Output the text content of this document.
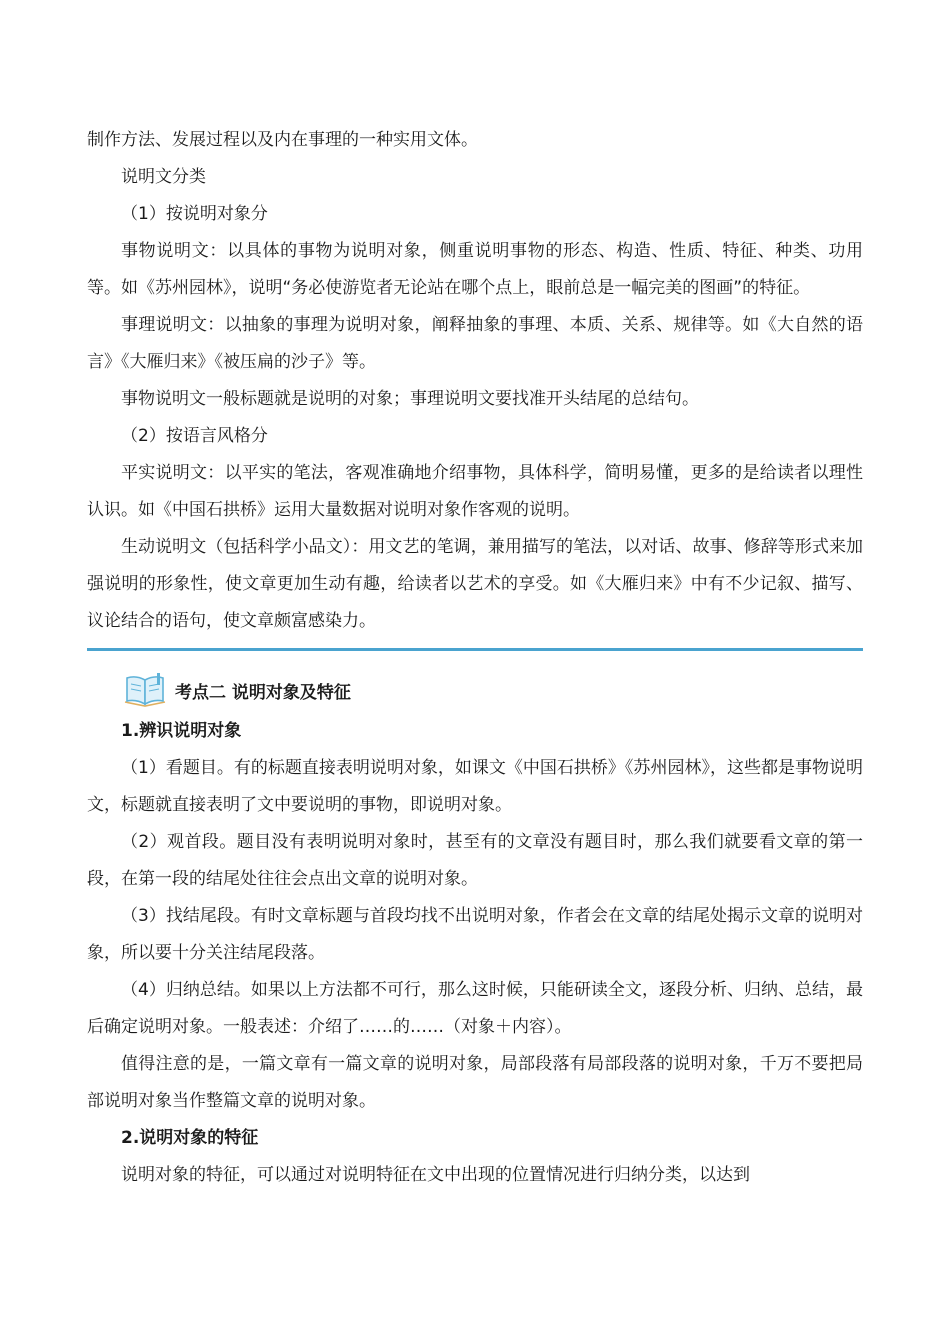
制作方法、发展过程以及内在事理的一种实用文体。

说明文分类

（1）按说明对象分

事物说明文：以具体的事物为说明对象，侧重说明事物的形态、构造、性质、特征、种类、功用等。如《苏州园林》，说明“务必使游览者无论站在哪个点上，眼前总是一幅完美的图画”的特征。

事理说明文：以抽象的事理为说明对象，阐释抽象的事理、本质、关系、规律等。如《大自然的语言》《大雁归来》《被压扁的沙子》等。

事物说明文一般标题就是说明的对象；事理说明文要找准开头结尾的总结句。

（2）按语言风格分

平实说明文：以平实的笔法，客观准确地介绍事物，具体科学，简明易懂，更多的是给读者以理性认识。如《中国石拱桥》运用大量数据对说明对象作客观的说明。

生动说明文（包括科学小品文）：用文艺的笔调，兼用描写的笔法，以对话、故事、修辞等形式来加强说明的形象性，使文章更加生动有趣，给读者以艺术的享受。如《大雁归来》中有不少记叙、描写、议论结合的语句，使文章颇富感染力。

考点二 说明对象及特征

1.辨识说明对象

（1）看题目。有的标题直接表明说明对象，如课文《中国石拱桥》《苏州园林》，这些都是事物说明文，标题就直接表明了文中要说明的事物，即说明对象。

（2）观首段。题目没有表明说明对象时，甚至有的文章没有题目时，那么我们就要看文章的第一段，在第一段的结尾处往往会点出文章的说明对象。

（3）找结尾段。有时文章标题与首段均找不出说明对象，作者会在文章的结尾处揭示文章的说明对象，所以要十分关注结尾段落。

（4）归纳总结。如果以上方法都不可行，那么这时候，只能研读全文，逐段分析、归纳、总结，最后确定说明对象。一般表述：介绍了……的……（对象＋内容）。

值得注意的是，一篇文章有一篇文章的说明对象，局部段落有局部段落的说明对象，千万不要把局部说明对象当作整篇文章的说明对象。

2.说明对象的特征

说明对象的特征，可以通过对说明特征在文中出现的位置情况进行归纳分类，以达到
